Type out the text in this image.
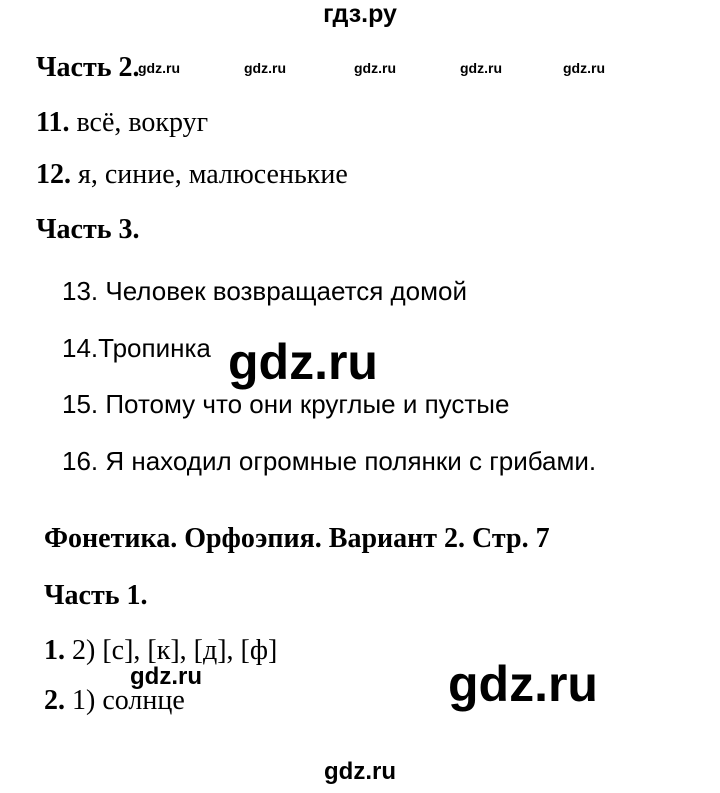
гдз.ру
Часть 2.
gdz.ru	gdz.ru	gdz.ru	gdz.ru	gdz.ru
11. всё, вокруг
12. я, синие, малюсенькие
Часть 3.
13. Человек возвращается домой
14.Тропинка gdz.ru
15. Потому что они круглые и пустые
16. Я находил огромные полянки с грибами.
Фонетика. Орфоэпия. Вариант 2. Стр. 7
Часть 1.
1. 2) [с], [к], [д], [ф]
gdz.ru	gdz.ru
2. 1) солнце
gdz.ru
